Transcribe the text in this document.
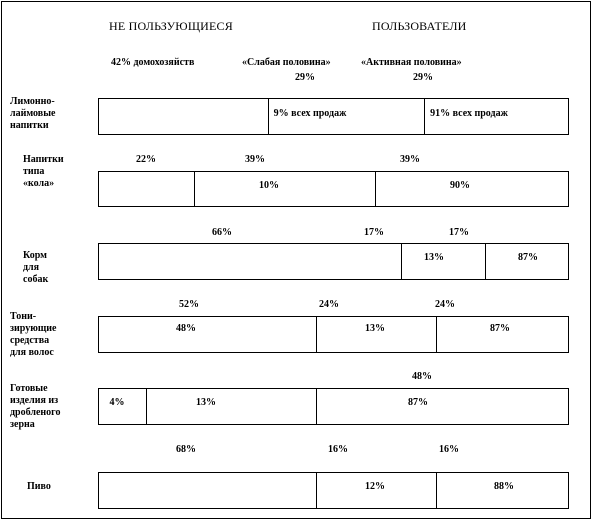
НЕ ПОЛЬЗУЮЩИЕСЯ	ПОЛЬЗОВАТЕЛИ
42% домохозяйств	«Слабая половина»	«Активная половина»
29%	29%
Лимонно-
лаймовые
напитки
9% всех продаж	91% всех продаж
Напитки
типа
«кола»
22%	39%	39%
10%	90%
Корм
для
собак
66%	17%	17%
13%	87%
Тони-
зирующие
средства
для волос
52%	24%	24%
48%	13%	87%
Готовые
изделия из
дробленого
зерна
48%
4%	13%	87%
Пиво
68%	16%	16%
12%	88%
